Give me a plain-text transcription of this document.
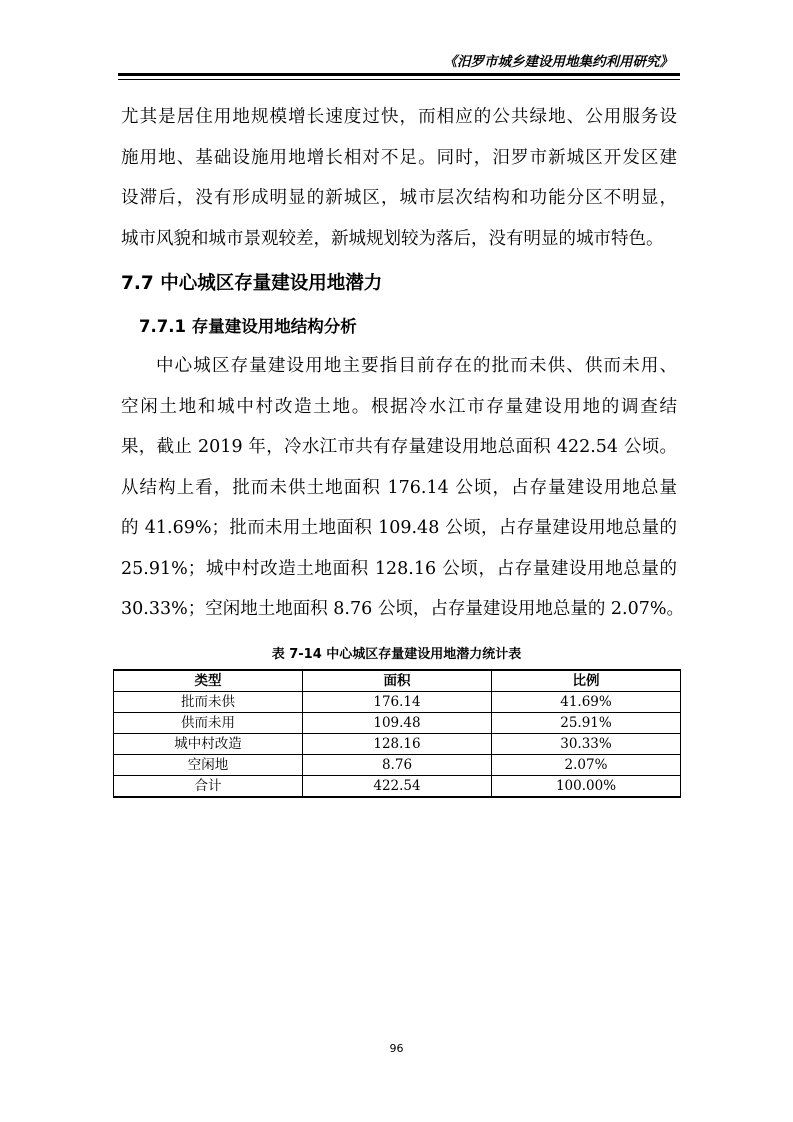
《汨罗市城乡建设用地集约利用研究》
尤其是居住用地规模增长速度过快，而相应的公共绿地、公用服务设
施用地、基础设施用地增长相对不足。同时，汨罗市新城区开发区建
设滞后，没有形成明显的新城区，城市层次结构和功能分区不明显，
城市风貌和城市景观较差，新城规划较为落后，没有明显的城市特色。
7.7 中心城区存量建设用地潜力
7.7.1 存量建设用地结构分析
中心城区存量建设用地主要指目前存在的批而未供、供而未用、
空闲土地和城中村改造土地。根据冷水江市存量建设用地的调查结
果，截止 2019 年，冷水江市共有存量建设用地总面积 422.54 公顷。
从结构上看，批而未供土地面积 176.14 公顷，占存量建设用地总量
的 41.69%；批而未用土地面积 109.48 公顷，占存量建设用地总量的
25.91%；城中村改造土地面积 128.16 公顷，占存量建设用地总量的
30.33%；空闲地土地面积 8.76 公顷，占存量建设用地总量的 2.07%。
表 7-14 中心城区存量建设用地潜力统计表
类型	面积	比例
批而未供	176.14	41.69%
供而未用	109.48	25.91%
城中村改造	128.16	30.33%
空闲地	8.76	2.07%
合计	422.54	100.00%
96
